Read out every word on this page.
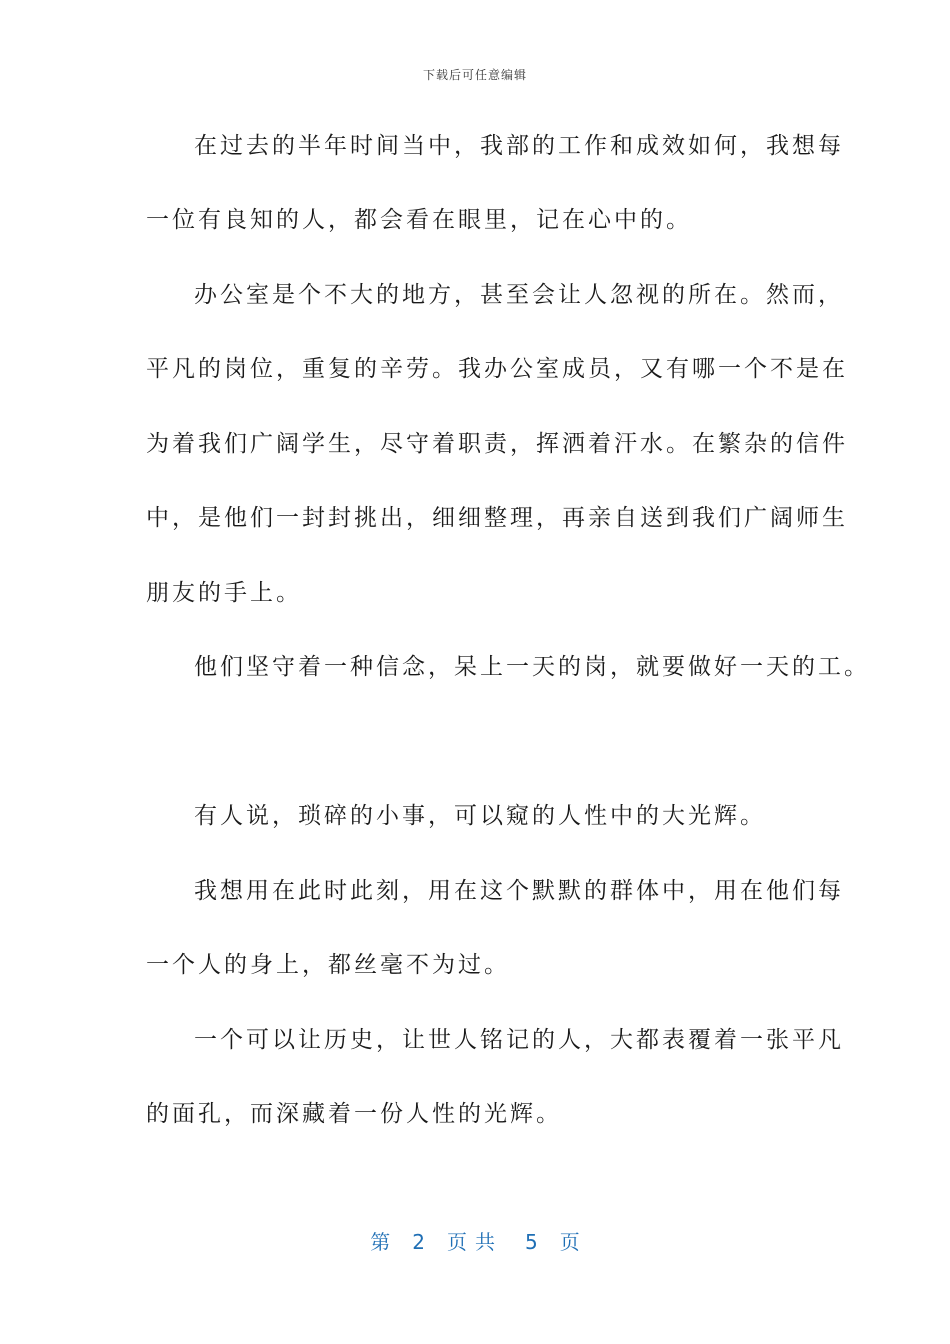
下载后可任意编辑
在过去的半年时间当中，我部的工作和成效如何，我想每
一位有良知的人，都会看在眼里，记在心中的。
办公室是个不大的地方，甚至会让人忽视的所在。然而，
平凡的岗位，重复的辛劳。我办公室成员，又有哪一个不是在
为着我们广阔学生，尽守着职责，挥洒着汗水。在繁杂的信件
中，是他们一封封挑出，细细整理，再亲自送到我们广阔师生
朋友的手上。
他们坚守着一种信念，呆上一天的岗，就要做好一天的工。
有人说，琐碎的小事，可以窥的人性中的大光辉。
我想用在此时此刻，用在这个默默的群体中，用在他们每
一个人的身上，都丝毫不为过。
一个可以让历史，让世人铭记的人，大都表覆着一张平凡
的面孔，而深藏着一份人性的光辉。
第 2 页共 5 页
